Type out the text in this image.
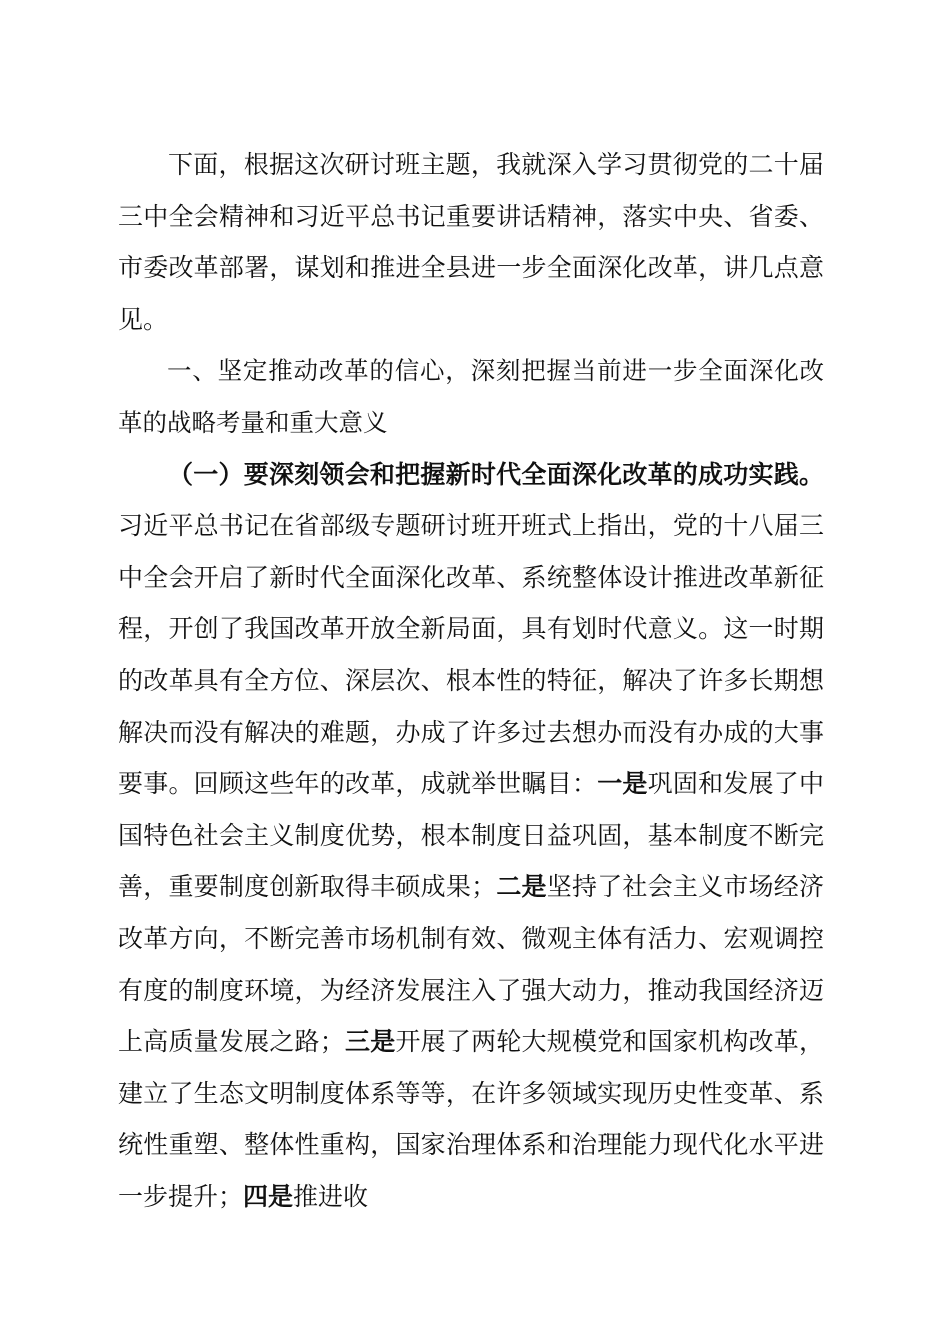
下面，根据这次研讨班主题，我就深入学习贯彻党的二十届三中全会精神和习近平总书记重要讲话精神，落实中央、省委、市委改革部署，谋划和推进全县进一步全面深化改革，讲几点意见。

一、坚定推动改革的信心，深刻把握当前进一步全面深化改革的战略考量和重大意义

（一）要深刻领会和把握新时代全面深化改革的成功实践。习近平总书记在省部级专题研讨班开班式上指出，党的十八届三中全会开启了新时代全面深化改革、系统整体设计推进改革新征程，开创了我国改革开放全新局面，具有划时代意义。这一时期的改革具有全方位、深层次、根本性的特征，解决了许多长期想解决而没有解决的难题，办成了许多过去想办而没有办成的大事要事。回顾这些年的改革，成就举世瞩目：一是巩固和发展了中国特色社会主义制度优势，根本制度日益巩固，基本制度不断完善，重要制度创新取得丰硕成果；二是坚持了社会主义市场经济改革方向，不断完善市场机制有效、微观主体有活力、宏观调控有度的制度环境，为经济发展注入了强大动力，推动我国经济迈上高质量发展之路；三是开展了两轮大规模党和国家机构改革，建立了生态文明制度体系等等，在许多领域实现历史性变革、系统性重塑、整体性重构，国家治理体系和治理能力现代化水平进一步提升；四是推进收
